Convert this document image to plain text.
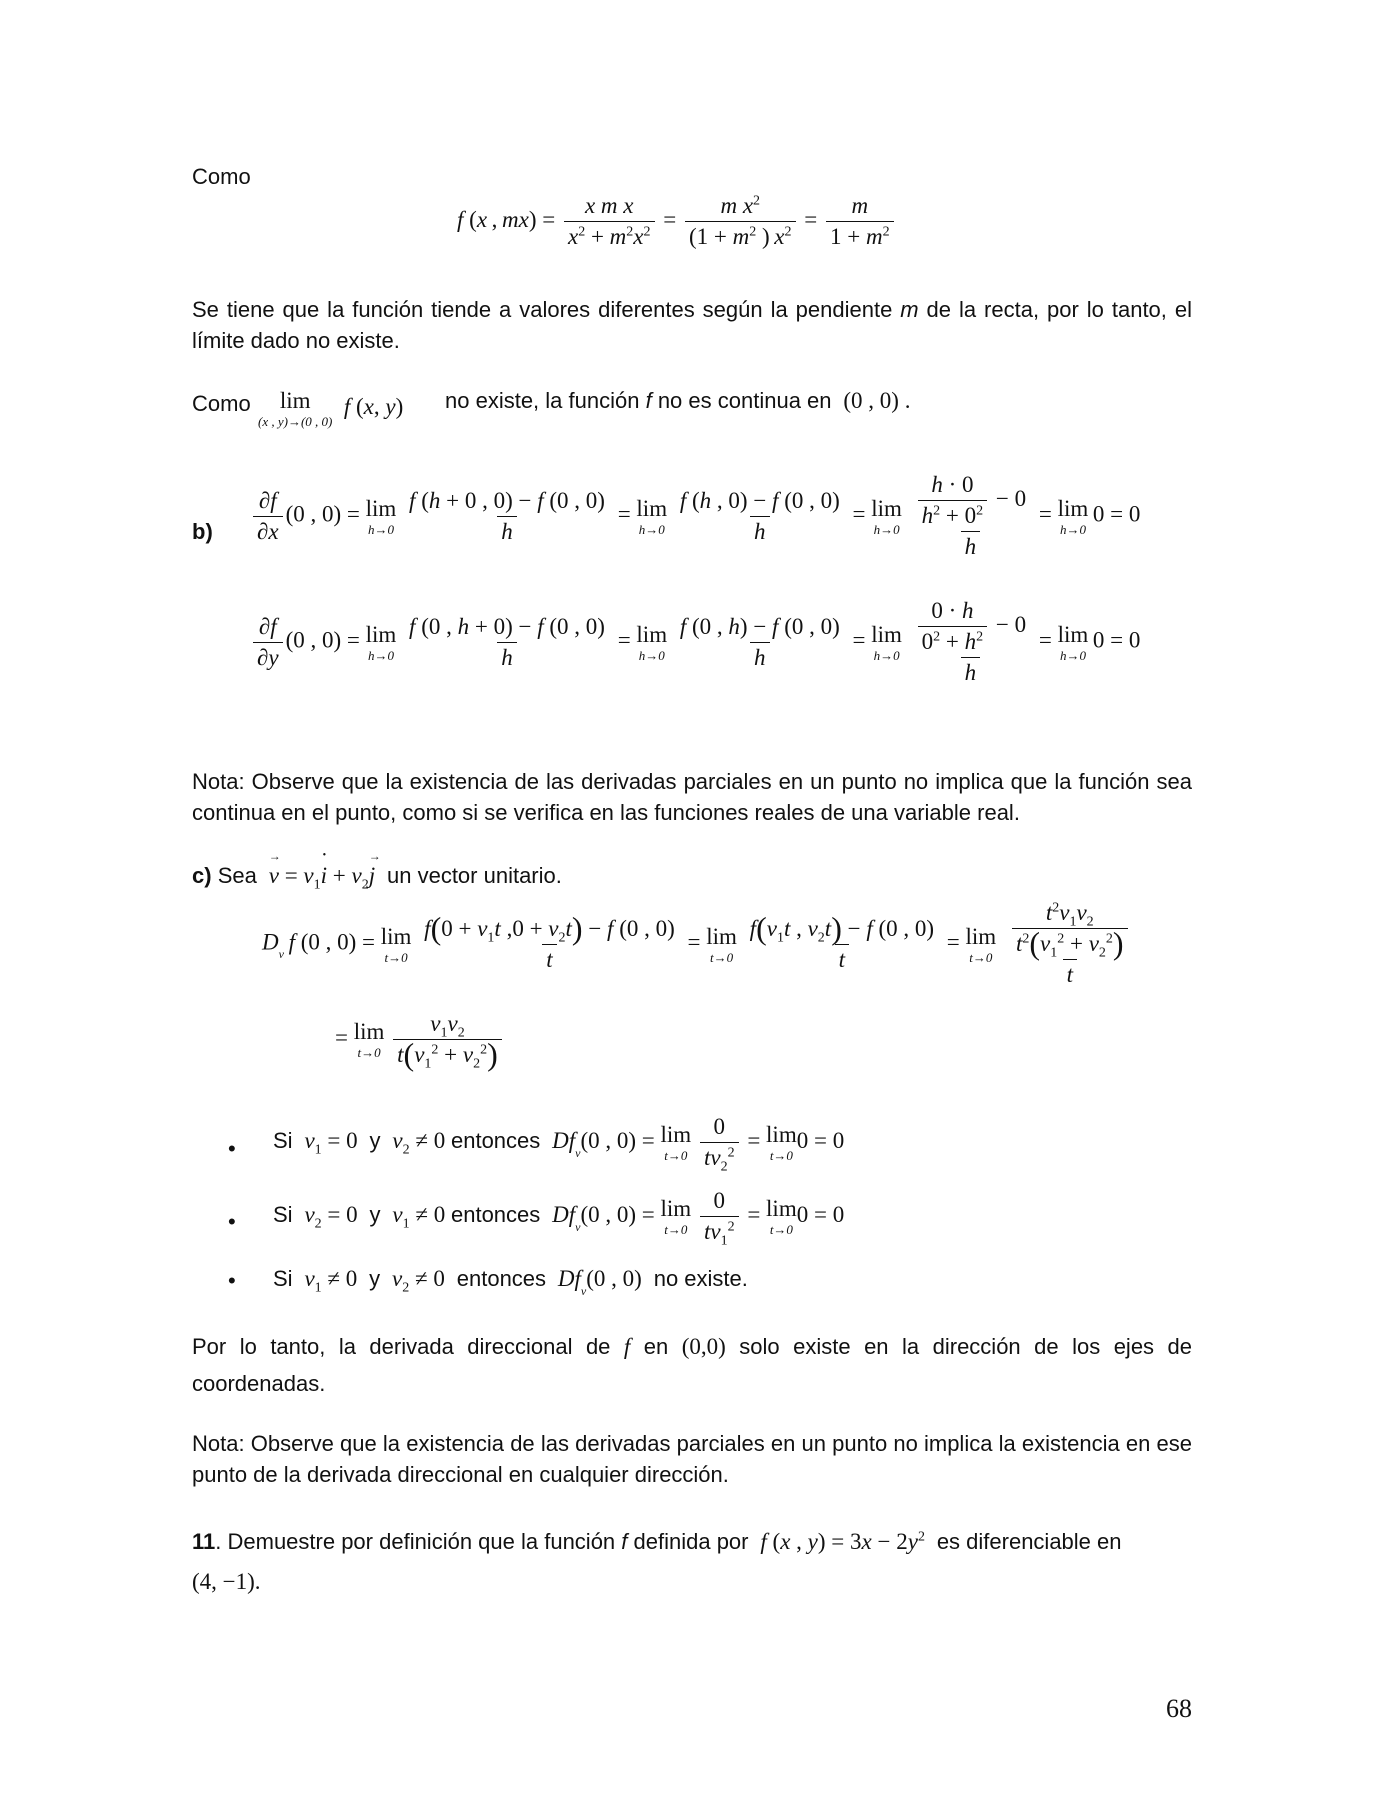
Como
f (x , $mx) = \frac{\text{x m x}}{x^2 + m^2x^2} = \frac{m x^2}{(1 + m^2 ) x^2} = \frac{m}{1 + m^2}$
Se tiene que la función tiende a valores diferentes según la pendiente m de la recta, por lo tanto, el límite dado no existe.
Como	lim
(x , y)→(0 , 0)
f (x, y) no existe, la función f no es continua en  (0 , 0) .
$b) \frac{\partial f}{\partial x} (0$ , 0) = lim
h→0
$\frac{f (h + 0 , 0) - f (0 , 0)}{h} = \lim$
h→0
$\frac{f (h , 0) - f (0 , 0)}{h} = \lim$
h→0
$\frac{\frac{h \cdot 0}{h^2 + 0^2} - 0}{h} = \lim$
h→0
 0 = 0
$\frac{\partial f}{\partial y} (0$ , 0) = lim
h→0
$\frac{f (0 , h + 0) - f (0 , 0)}{h} = \lim$
h→0
$\frac{f (0 , h) - f (0 , 0)}{h} = \lim$
h→0
$\frac{\frac{0 \cdot h}{0^2 + h^2} - 0}{h} = \lim$
h→0
 0 = 0
Nota: Observe que la existencia de las derivadas parciales en un punto no implica que la función sea continua en el punto, como si se verifica en las funciones reales de una variable real.
c) Sea  → $v = v_1•$ $i + v_2\to j$ un vector unitario.
$D_v$  f (0 , 0) = lim
t→0
$\frac{f(0 + v_1t ,0 + v_2t) - f (0 , 0)}{t} = \lim$
t→0
$\frac{f(v_1t , v_2t) - f (0 , 0)}{t} = \lim$
t→0
$\frac{\frac{t^2v_1v_2}{t^2(v_1^2 + v_2^2)}}{t}$
= lim
t→0
$\frac{v_1v_2}{t(v_1^2 + v_2^2)}$
• Si $v_1 = 0$  y $v_2 \ne 0$ entonces $Df_v(0$ , 0) = lim
t→0
$\frac{0}{tv_2^2} = \lim$
t→0
0 = 0
• Si $v_2 = 0$  y $v_1 \ne 0$ entonces $Df_v(0$ , 0) = lim
t→0
$\frac{0}{tv_1^2} = \lim$
t→0
0 = 0
• Si $v_1 \ne 0$  y $v_2 \ne 0$  entonces $Df_v(0$ , 0)  no existe.
Por lo tanto, la derivada direccional de f en (0,0) solo existe en la dirección de los ejes de coordenadas.
Nota: Observe que la existencia de las derivadas parciales en un punto no implica la existencia en ese punto de la derivada direccional en cualquier dirección.
11. Demuestre por definición que la función f definida por f (x , $y) = 3x - 2y^2$ es diferenciable en
(4, −1).
68
